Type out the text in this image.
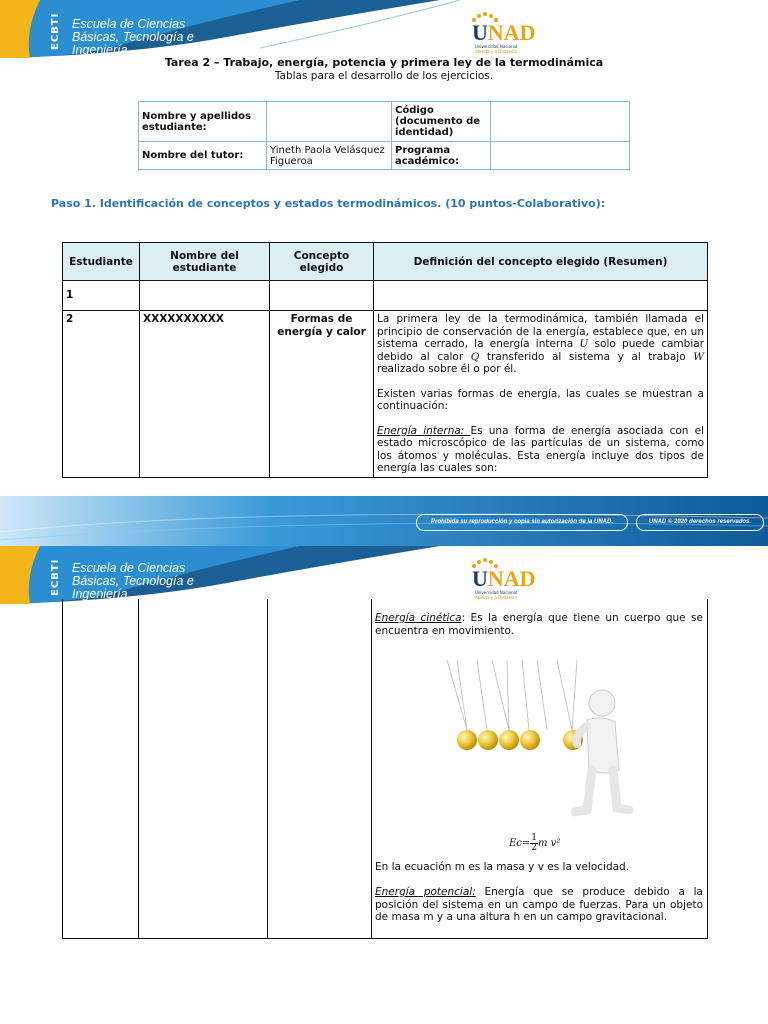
ECBTI Escuela de Ciencias
Básicas, Tecnología e
Ingeniería
UNAD
Universidad Nacional
Abierta y a Distancia
Tarea 2 – Trabajo, energía, potencia y primera ley de la termodinámica
Tablas para el desarrollo de los ejercicios.
Nombre y apellidos estudiante:		Código (documento de identidad)	
Nombre del tutor:	Yineth Paola Velásquez Figueroa	Programa académico:	
Paso 1. Identificación de conceptos y estados termodinámicos. (10 puntos-Colaborativo):
Estudiante	Nombre del estudiante	Concepto elegido	Definición del concepto elegido (Resumen)
1			
2	XXXXXXXXXX	Formas de energía y calor	La primera ley de la termodinámica, también llamada el principio de conservación de la energía, establece que, en un sistema cerrado, la energía interna U solo puede cambiar debido al calor Q transferido al sistema y al trabajo W realizado sobre él o por él.
Existen varias formas de energía, las cuales se muestran a continuación:
Energía interna: Es una forma de energía asociada con el estado microscópico de las partículas de un sistema, como los átomos y moléculas. Esta energía incluye dos tipos de energía las cuales son:
Prohibida su reproducción y copia sin autorización de la UNAD.	UNAD © 2020 derechos reservados.
ECBTI Escuela de Ciencias
Básicas, Tecnología e
Ingeniería
UNAD
Universidad Nacional
Abierta y a Distancia
Energía cinética: Es la energía que tiene un cuerpo que se encuentra en movimiento.
$Ec= \frac{1}{2}m$ v²
En la ecuación m es la masa y v es la velocidad.
Energía potencial: Energía que se produce debido a la posición del sistema en un campo de fuerzas. Para un objeto de masa m y a una altura h en un campo gravitacional.
